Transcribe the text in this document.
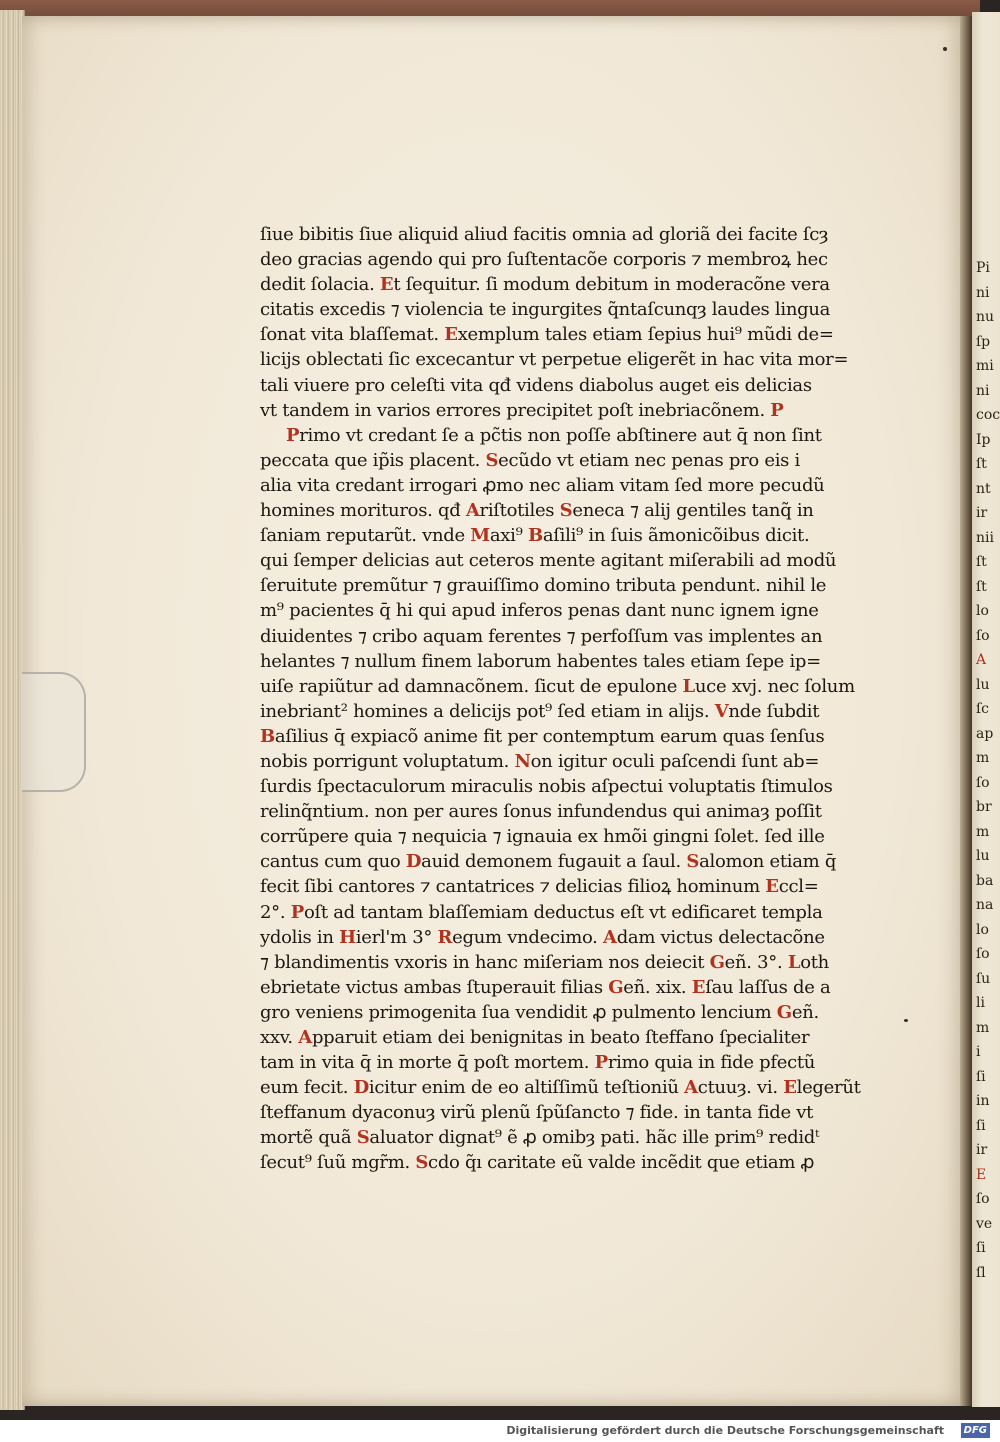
ſiue bibitis ſiue aliquid aliud facitis omnia ad gloriã dei facite ſcȝ
deo gracias agendo qui pro ſuſtentacõe corporis ⁊ membroꝝ hec
dedit ſolacia. Et ſequitur. ſi modum debitum in moderacõne vera
citatis excedis ⁊ violencia te ingurgites q̃ntaſcunqȝ laudes lingua
ſonat vita blaſſemat. Exemplum tales etiam ſepius hui⁹ mũdi de=
licijs oblectati ſic excecantur vt perpetue eligerẽt in hac vita mor=
tali viuere pro celeſti vita qđ videns diabolus auget eis delicias
vt tandem in varios errores precipitet poſt inebriacõnem. P
Primo vt credant ſe a pc̃tis non poſſe abſtinere aut q̄ non ſint
peccata que ip̃is placent. Secũdo vt etiam nec penas pro eis i
alia vita credant irrogari ꝓmo nec aliam vitam ſed more pecudũ
homines morituros. qđ Ariſtotiles Seneca ⁊ alij gentiles tanq̃ in
ſaniam reputarũt. vnde Maxi⁹ Baſili⁹ in ſuis ãmonicõibus dicit.
qui ſemper delicias aut ceteros mente agitant miſerabili ad modũ
ſeruitute premũtur ⁊ grauiſſimo domino tributa pendunt. nihil le
m⁹ pacientes q̄ hi qui apud inferos penas dant nunc ignem igne
diuidentes ⁊ cribo aquam ferentes ⁊ perfoſſum vas implentes an
helantes ⁊ nullum finem laborum habentes tales etiam ſepe ip=
uiſe rapiũtur ad damnacõnem. ſicut de epulone Luce xvj. nec ſolum
inebriant² homines a delicijs pot⁹ ſed etiam in alijs. Vnde ſubdit
Baſilius q̄ expiacõ anime fit per contemptum earum quas ſenſus
nobis porrigunt voluptatum. Non igitur oculi paſcendi ſunt ab=
ſurdis ſpectaculorum miraculis nobis aſpectui voluptatis ſtimulos
relinq̃ntium. non per aures ſonus infundendus qui animaȝ poſſit
corrũpere quia ⁊ nequicia ⁊ ignauia ex hmõi gingni ſolet. ſed ille
cantus cum quo Dauid demonem fugauit a ſaul. Salomon etiam q̄
fecit ſibi cantores ⁊ cantatrices ⁊ delicias filioꝝ hominum Eccl=
2°. Poſt ad tantam blaſſemiam deductus eſt vt edificaret templa
ydolis in Hierl'm 3° Regum vndecimo. Adam victus delectacõne
⁊ blandimentis vxoris in hanc miſeriam nos deiecit Geñ. 3°. Loth
ebrietate victus ambas ſtuperauit filias Geñ. xix. Eſau laſſus de a
gro veniens primogenita ſua vendidit ꝓ pulmento lencium Geñ.
xxv. Apparuit etiam dei benignitas in beato ſteffano ſpecialiter
tam in vita q̄ in morte q̄ poſt mortem. Primo quia in fide pfectũ
eum fecit. Dicitur enim de eo altiſſimũ teſtioniũ Actuuȝ. vi. Elegerũt
ſteffanum dyaconuȝ virũ plenũ ſpũſancto ⁊ fide. in tanta fide vt
mortẽ quã Saluator dignat⁹ ẽ ꝓ omibȝ pati. hãc ille prim⁹ redidᵗ
ſecut⁹ ſuũ mgr̃m. Scdo q̃ı caritate eũ valde incẽdit que etiam ꝓ
Pi
ni
nu
ſp
mi
ni
coc
Ip
ſt
nt
ir
nii
ſt
ſt
lo
ſo
A
lu
ſc
ap
m
ſo
br
m
lu
ba
na
lo
ſo
ſu
li
m
i
ſi
in
ſi
ir
E
ſo
ve
ſi
ſl
Digitalisierung gefördert durch die Deutsche Forschungsgemeinschaft	DFG
